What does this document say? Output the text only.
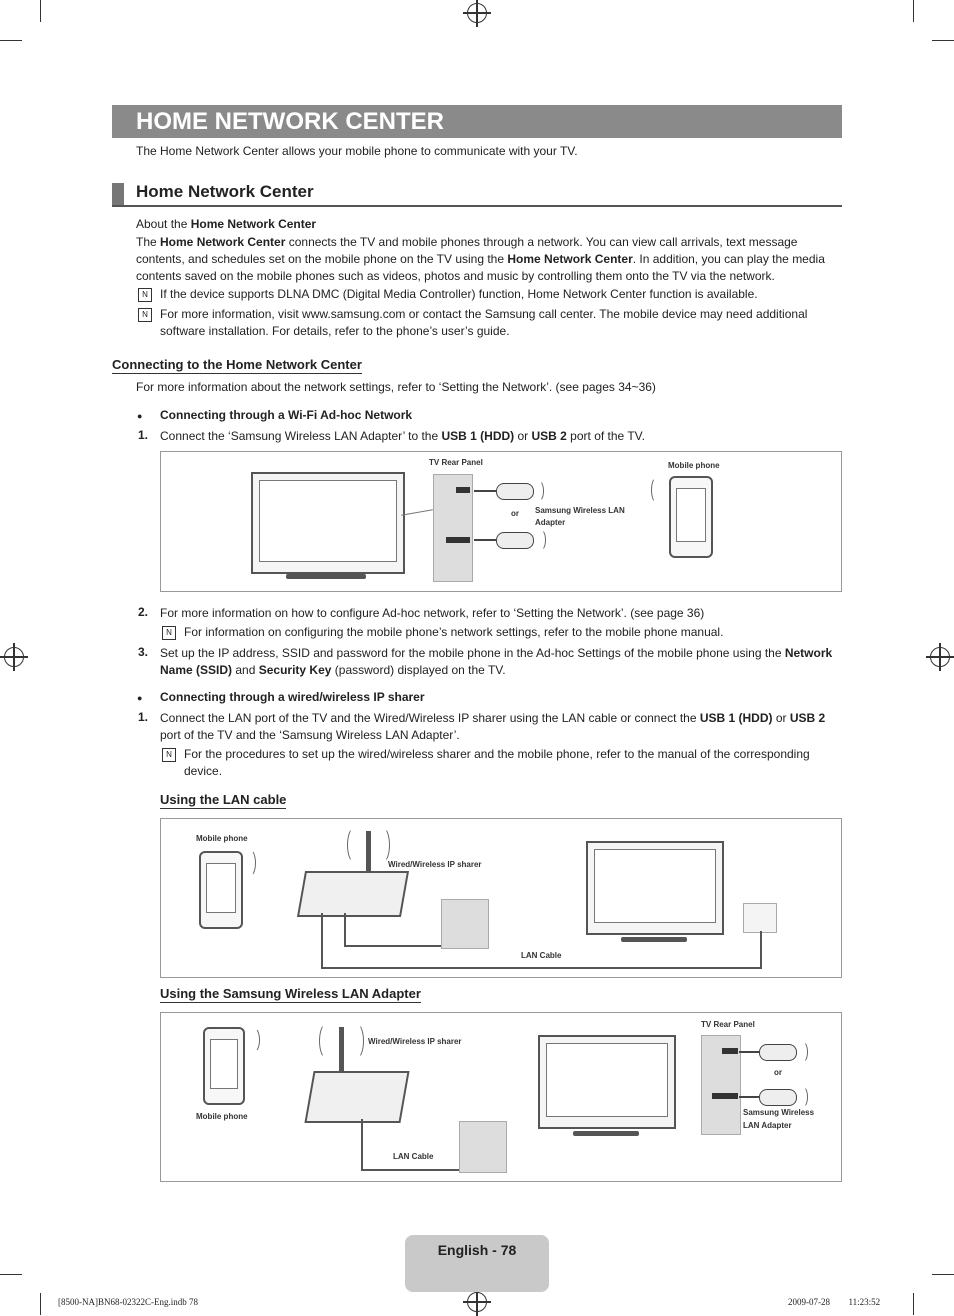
HOME NETWORK CENTER
The Home Network Center allows your mobile phone to communicate with your TV.
Home Network Center
About the Home Network Center
The Home Network Center connects the TV and mobile phones through a network. You can view call arrivals, text message contents, and schedules set on the mobile phone on the TV using the Home Network Center. In addition, you can play the media contents saved on the mobile phones such as videos, photos and music by controlling them onto the TV via the network.
N	If the device supports DLNA DMC (Digital Media Controller) function, Home Network Center function is available.
N	For more information, visit www.samsung.com or contact the Samsung call center. The mobile device may need additional software installation. For details, refer to the phone’s user’s guide.
Connecting to the Home Network Center
For more information about the network settings, refer to ‘Setting the Network’. (see pages 34~36)
● Connecting through a Wi-Fi Ad-hoc Network
1. Connect the ‘Samsung Wireless LAN Adapter’ to the USB 1 (HDD) or USB 2 port of the TV.
TV Rear Panel
or Samsung Wireless LAN Adapter
Mobile phone
2. For more information on how to configure Ad-hoc network, refer to ‘Setting the Network’. (see page 36)
N	For information on configuring the mobile phone’s network settings, refer to the mobile phone manual.
3. Set up the IP address, SSID and password for the mobile phone in the Ad-hoc Settings of the mobile phone using the Network Name (SSID) and Security Key (password) displayed on the TV.
● Connecting through a wired/wireless IP sharer
1. Connect the LAN port of the TV and the Wired/Wireless IP sharer using the LAN cable or connect the USB 1 (HDD) or USB 2 port of the TV and the ‘Samsung Wireless LAN Adapter’.
N	For the procedures to set up the wired/wireless sharer and the mobile phone, refer to the manual of the corresponding device.
Using the LAN cable
Mobile phone
Wired/Wireless IP sharer
LAN Cable
Using the Samsung Wireless LAN Adapter
Mobile phone
Wired/Wireless IP sharer
LAN Cable
TV Rear Panel
or
Samsung Wireless
LAN Adapter
English - 78
[8500-NA]BN68-02322C-Eng.indb 78	2009-07-28 ￿￿ 11:23:52
